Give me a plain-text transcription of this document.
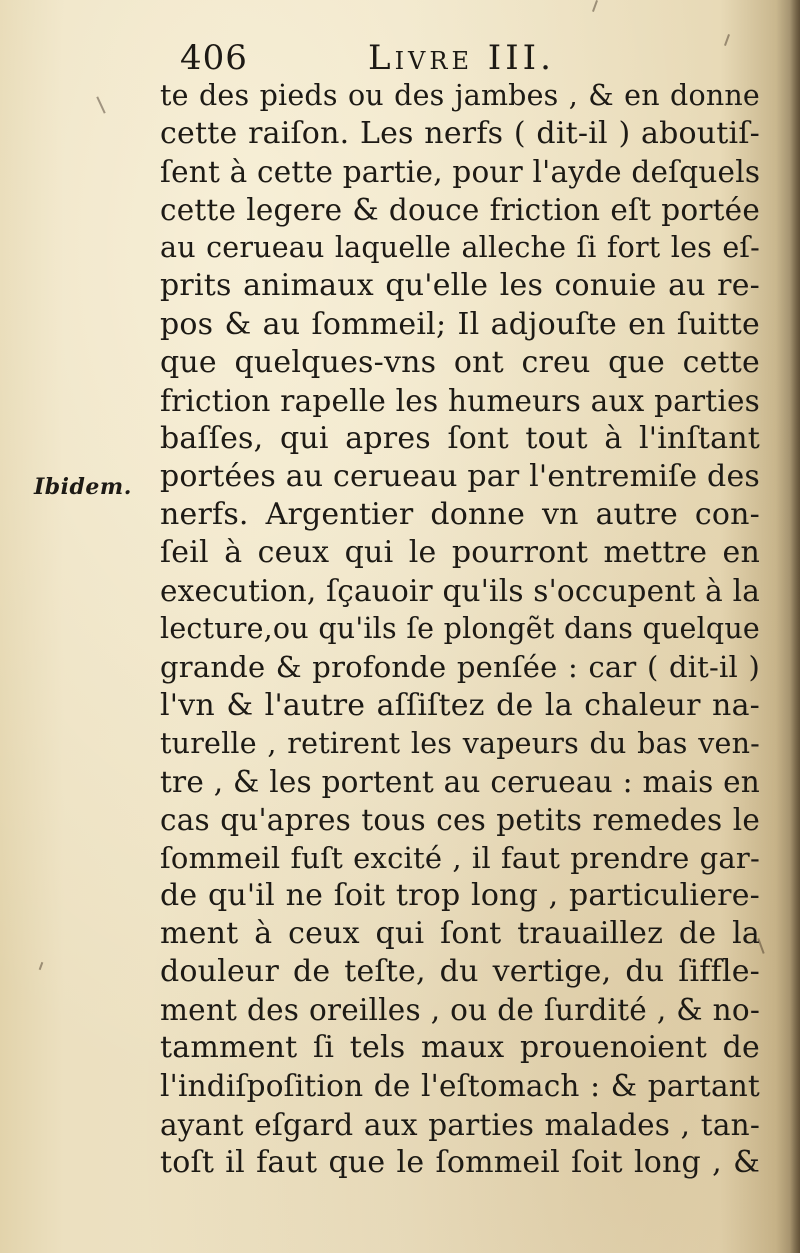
406	Livre III.
Ibidem.
te des pieds ou des jambes , & en donne
cette raiſon. Les nerfs ( dit-il ) aboutiſ-
ſent à cette partie, pour l'ayde deſquels
cette legere & douce friction eſt portée
au cerueau laquelle alleche ſi fort les eſ-
prits animaux qu'elle les conuie au re-
pos & au ſommeil; Il adjouſte en ſuitte
que quelques-vns ont creu que cette
friction rapelle les humeurs aux parties
baſſes, qui apres ſont tout à l'inſtant
portées au cerueau par l'entremiſe des
nerfs. Argentier donne vn autre con-
ſeil à ceux qui le pourront mettre en
execution, ſçauoir qu'ils s'occupent à la
lecture,ou qu'ils ſe plongẽt dans quelque
grande & profonde penſée : car ( dit-il )
l'vn & l'autre aſſiſtez de la chaleur na-
turelle , retirent les vapeurs du bas ven-
tre , & les portent au cerueau : mais en
cas qu'apres tous ces petits remedes le
ſommeil fuſt excité , il faut prendre gar-
de qu'il ne ſoit trop long , particuliere-
ment à ceux qui ſont trauaillez de la
douleur de teſte, du vertige, du ſiffle-
ment des oreilles , ou de ſurdité , & no-
tamment ſi tels maux prouenoient de
l'indiſpoſition de l'eſtomach : & partant
ayant eſgard aux parties malades , tan-
toſt il faut que le ſommeil ſoit long , &
